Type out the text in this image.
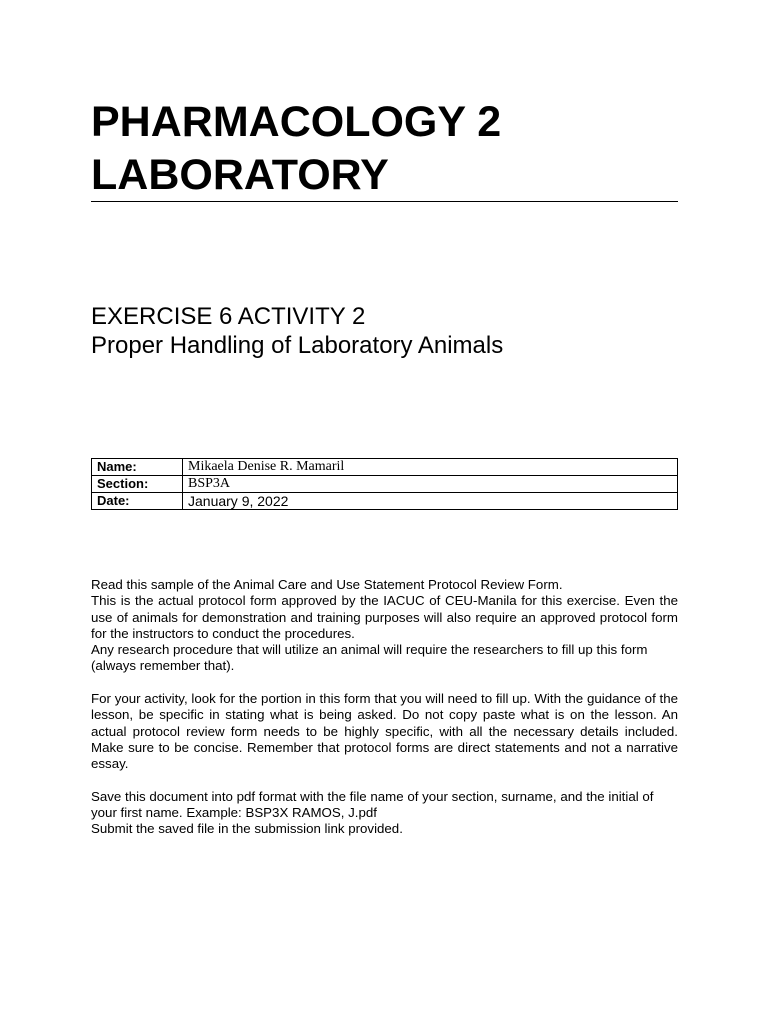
PHARMACOLOGY 2
LABORATORY
EXERCISE 6 ACTIVITY 2
Proper Handling of Laboratory Animals
Name:	Mikaela Denise R. Mamaril
Section:	BSP3A
Date:	January 9, 2022

Read this sample of the Animal Care and Use Statement Protocol Review Form.

This is the actual protocol form approved by the IACUC of CEU-Manila for this exercise. Even the use of animals for demonstration and training purposes will also require an approved protocol form for the instructors to conduct the procedures.

Any research procedure that will utilize an animal will require the researchers to fill up this form (always remember that).

For your activity, look for the portion in this form that you will need to fill up. With the guidance of the lesson, be specific in stating what is being asked. Do not copy paste what is on the lesson. An actual protocol review form needs to be highly specific, with all the necessary details included. Make sure to be concise. Remember that protocol forms are direct statements and not a narrative essay.

Save this document into pdf format with the file name of your section, surname, and the initial of your first name. Example: BSP3X RAMOS, J.pdf

Submit the saved file in the submission link provided.
